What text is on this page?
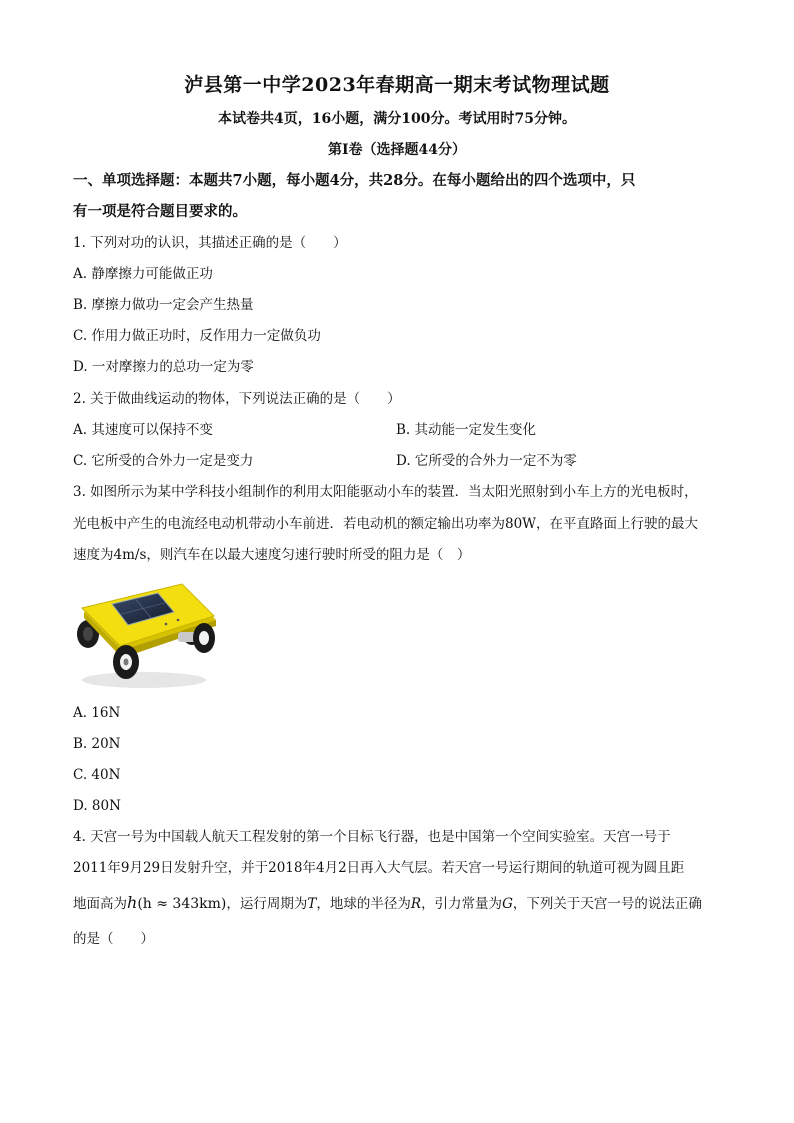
泸县第一中学2023年春期高一期末考试物理试题
本试卷共4页，16小题，满分100分。考试用时75分钟。
第I卷（选择题44分）
一、单项选择题：本题共7小题，每小题4分，共28分。在每小题给出的四个选项中，只
有一项是符合题目要求的。
1. 下列对功的认识，其描述正确的是（　　）
A. 静摩擦力可能做正功
B. 摩擦力做功一定会产生热量
C. 作用力做正功时，反作用力一定做负功
D. 一对摩擦力的总功一定为零
2. 关于做曲线运动的物体，下列说法正确的是（　　）
A. 其速度可以保持不变	B. 其动能一定发生变化
C. 它所受的合外力一定是变力	D. 它所受的合外力一定不为零
3. 如图所示为某中学科技小组制作的利用太阳能驱动小车的装置．当太阳光照射到小车上方的光电板时，
光电板中产生的电流经电动机带动小车前进．若电动机的额定输出功率为80W，在平直路面上行驶的最大
速度为4m/s，则汽车在以最大速度匀速行驶时所受的阻力是（　）
A. 16N
B. 20N
C. 40N
D. 80N
4. 天宫一号为中国载人航天工程发射的第一个目标飞行器，也是中国第一个空间实验室。天宫一号于
2011年9月29日发射升空，并于2018年4月2日再入大气层。若天宫一号运行期间的轨道可视为圆且距
地面高为h(h ≈ 343km)，运行周期为T，地球的半径为R，引力常量为G，下列关于天宫一号的说法正确
的是（　　）
